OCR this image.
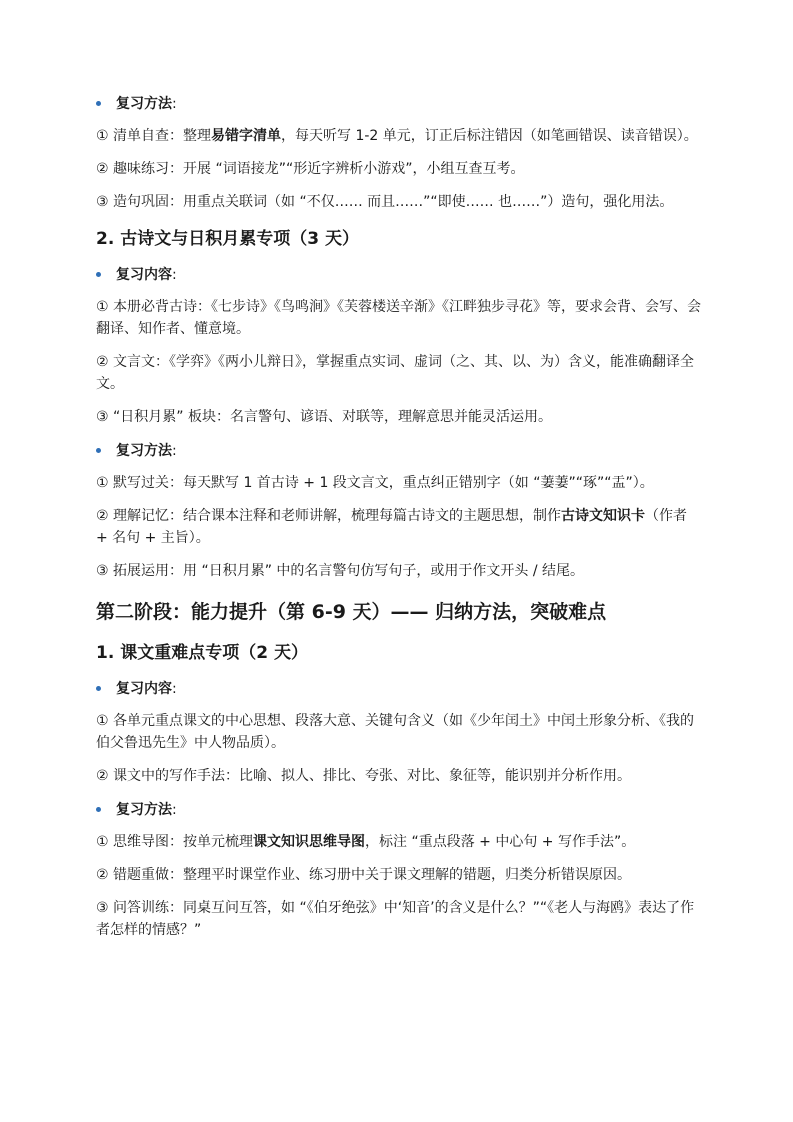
复习方法:
① 清单自查：整理易错字清单，每天听写 1-2 单元，订正后标注错因（如笔画错误、读音错误）。
② 趣味练习：开展 “词语接龙”“形近字辨析小游戏”，小组互查互考。
③ 造句巩固：用重点关联词（如 “不仅…… 而且……”“即使…… 也……”）造句，强化用法。
2. 古诗文与日积月累专项（3 天）
复习内容:
① 本册必背古诗：《七步诗》《鸟鸣涧》《芙蓉楼送辛渐》《江畔独步寻花》等，要求会背、会写、会翻译、知作者、懂意境。
② 文言文：《学弈》《两小儿辩日》，掌握重点实词、虚词（之、其、以、为）含义，能准确翻译全文。
③ “日积月累” 板块：名言警句、谚语、对联等，理解意思并能灵活运用。
复习方法:
① 默写过关：每天默写 1 首古诗 + 1 段文言文，重点纠正错别字（如 “萋萋”“琢”“盂”）。
② 理解记忆：结合课本注释和老师讲解，梳理每篇古诗文的主题思想，制作古诗文知识卡（作者 + 名句 + 主旨）。
③ 拓展运用：用 “日积月累” 中的名言警句仿写句子，或用于作文开头 / 结尾。
第二阶段：能力提升（第 6-9 天）—— 归纳方法，突破难点
1. 课文重难点专项（2 天）
复习内容:
① 各单元重点课文的中心思想、段落大意、关键句含义（如《少年闰土》中闰土形象分析、《我的伯父鲁迅先生》中人物品质）。
② 课文中的写作手法：比喻、拟人、排比、夸张、对比、象征等，能识别并分析作用。
复习方法:
① 思维导图：按单元梳理课文知识思维导图，标注 “重点段落 + 中心句 + 写作手法”。
② 错题重做：整理平时课堂作业、练习册中关于课文理解的错题，归类分析错误原因。
③ 问答训练：同桌互问互答，如 “《伯牙绝弦》中‘知音’的含义是什么？”“《老人与海鸥》表达了作者怎样的情感？”
